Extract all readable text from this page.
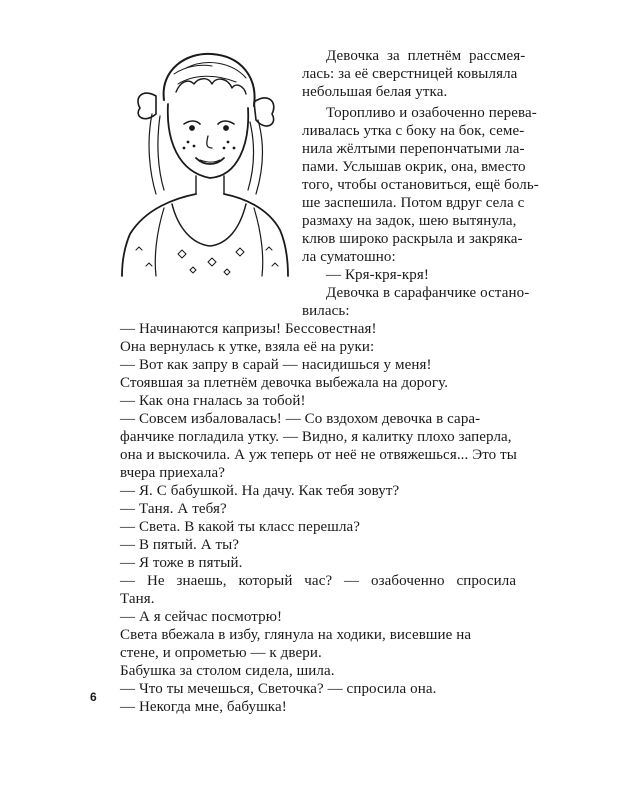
Девочка за плетнём рассмея-
лась: за её сверстницей ковыляла
небольшая белая утка.
Торопливо и озабоченно перева-
ливалась утка с боку на бок, семе-
нила жёлтыми перепончатыми ла-
пами. Услышав окрик, она, вместо
того, чтобы остановиться, ещё боль-
ше заспешила. Потом вдруг села с
размаху на задок, шею вытянула,
клюв широко раскрыла и закряка-
ла суматошно:
— Кря-кря-кря!
Девочка в сарафанчике остано-
вилась:
— Начинаются капризы! Бессовестная!
Она вернулась к утке, взяла её на руки:
— Вот как запру в сарай — насидишься у меня!
Стоявшая за плетнём девочка выбежала на дорогу.
— Как она гналась за тобой!
— Совсем избаловалась! — Со вздохом девочка в сара-
фанчике погладила утку. — Видно, я калитку плохо заперла,
она и выскочила. А уж теперь от неё не отвяжешься... Это ты
вчера приехала?
— Я. С бабушкой. На дачу. Как тебя зовут?
— Таня. А тебя?
— Света. В какой ты класс перешла?
— В пятый. А ты?
— Я тоже в пятый.
— Не знаешь, который час? — озабоченно спросила
Таня.
— А я сейчас посмотрю!
Света вбежала в избу, глянула на ходики, висевшие на
стене, и опрометью — к двери.
Бабушка за столом сидела, шила.
— Что ты мечешься, Светочка? — спросила она.
— Некогда мне, бабушка!
6
